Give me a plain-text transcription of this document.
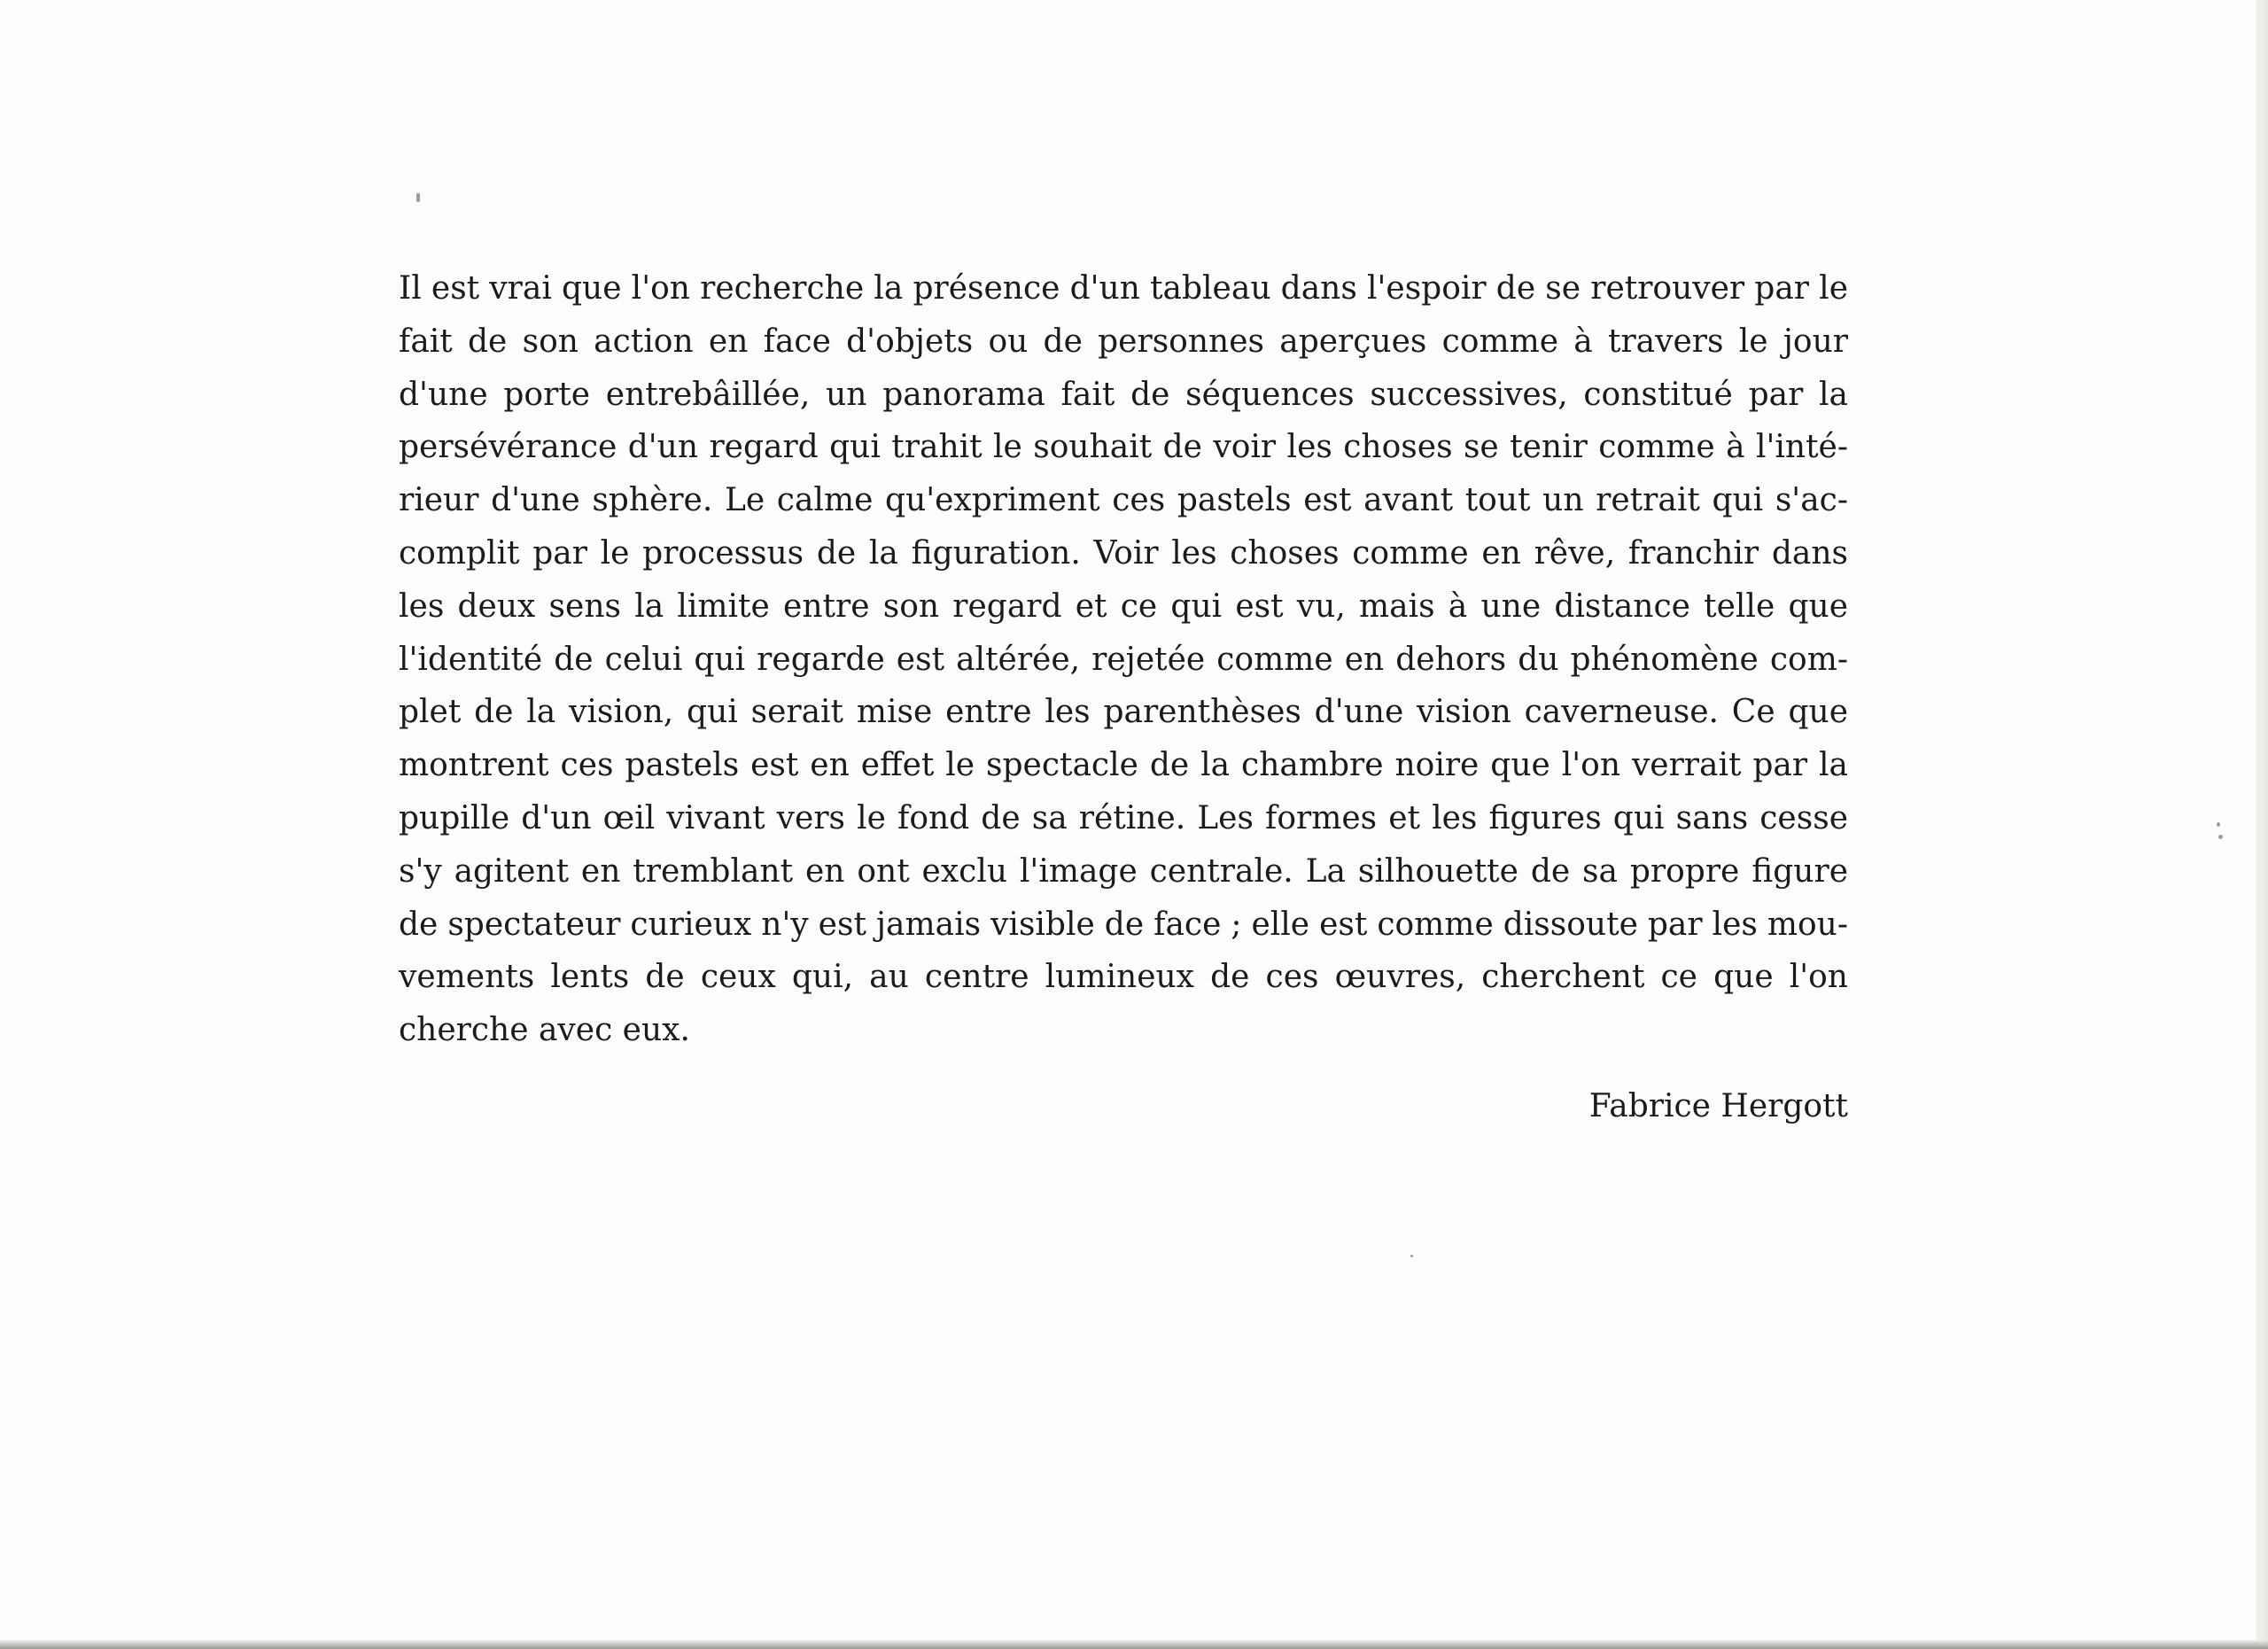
Il est vrai que l'on recherche la présence d'un tableau dans l'espoir de se retrouver par le
fait de son action en face d'objets ou de personnes aperçues comme à travers le jour
d'une porte entrebâillée, un panorama fait de séquences successives, constitué par la
persévérance d'un regard qui trahit le souhait de voir les choses se tenir comme à l'inté-
rieur d'une sphère. Le calme qu'expriment ces pastels est avant tout un retrait qui s'ac-
complit par le processus de la figuration. Voir les choses comme en rêve, franchir dans
les deux sens la limite entre son regard et ce qui est vu, mais à une distance telle que
l'identité de celui qui regarde est altérée, rejetée comme en dehors du phénomène com-
plet de la vision, qui serait mise entre les parenthèses d'une vision caverneuse. Ce que
montrent ces pastels est en effet le spectacle de la chambre noire que l'on verrait par la
pupille d'un œil vivant vers le fond de sa rétine. Les formes et les figures qui sans cesse
s'y agitent en tremblant en ont exclu l'image centrale. La silhouette de sa propre figure
de spectateur curieux n'y est jamais visible de face ; elle est comme dissoute par les mou-
vements lents de ceux qui, au centre lumineux de ces œuvres, cherchent ce que l'on
cherche avec eux.
Fabrice Hergott
